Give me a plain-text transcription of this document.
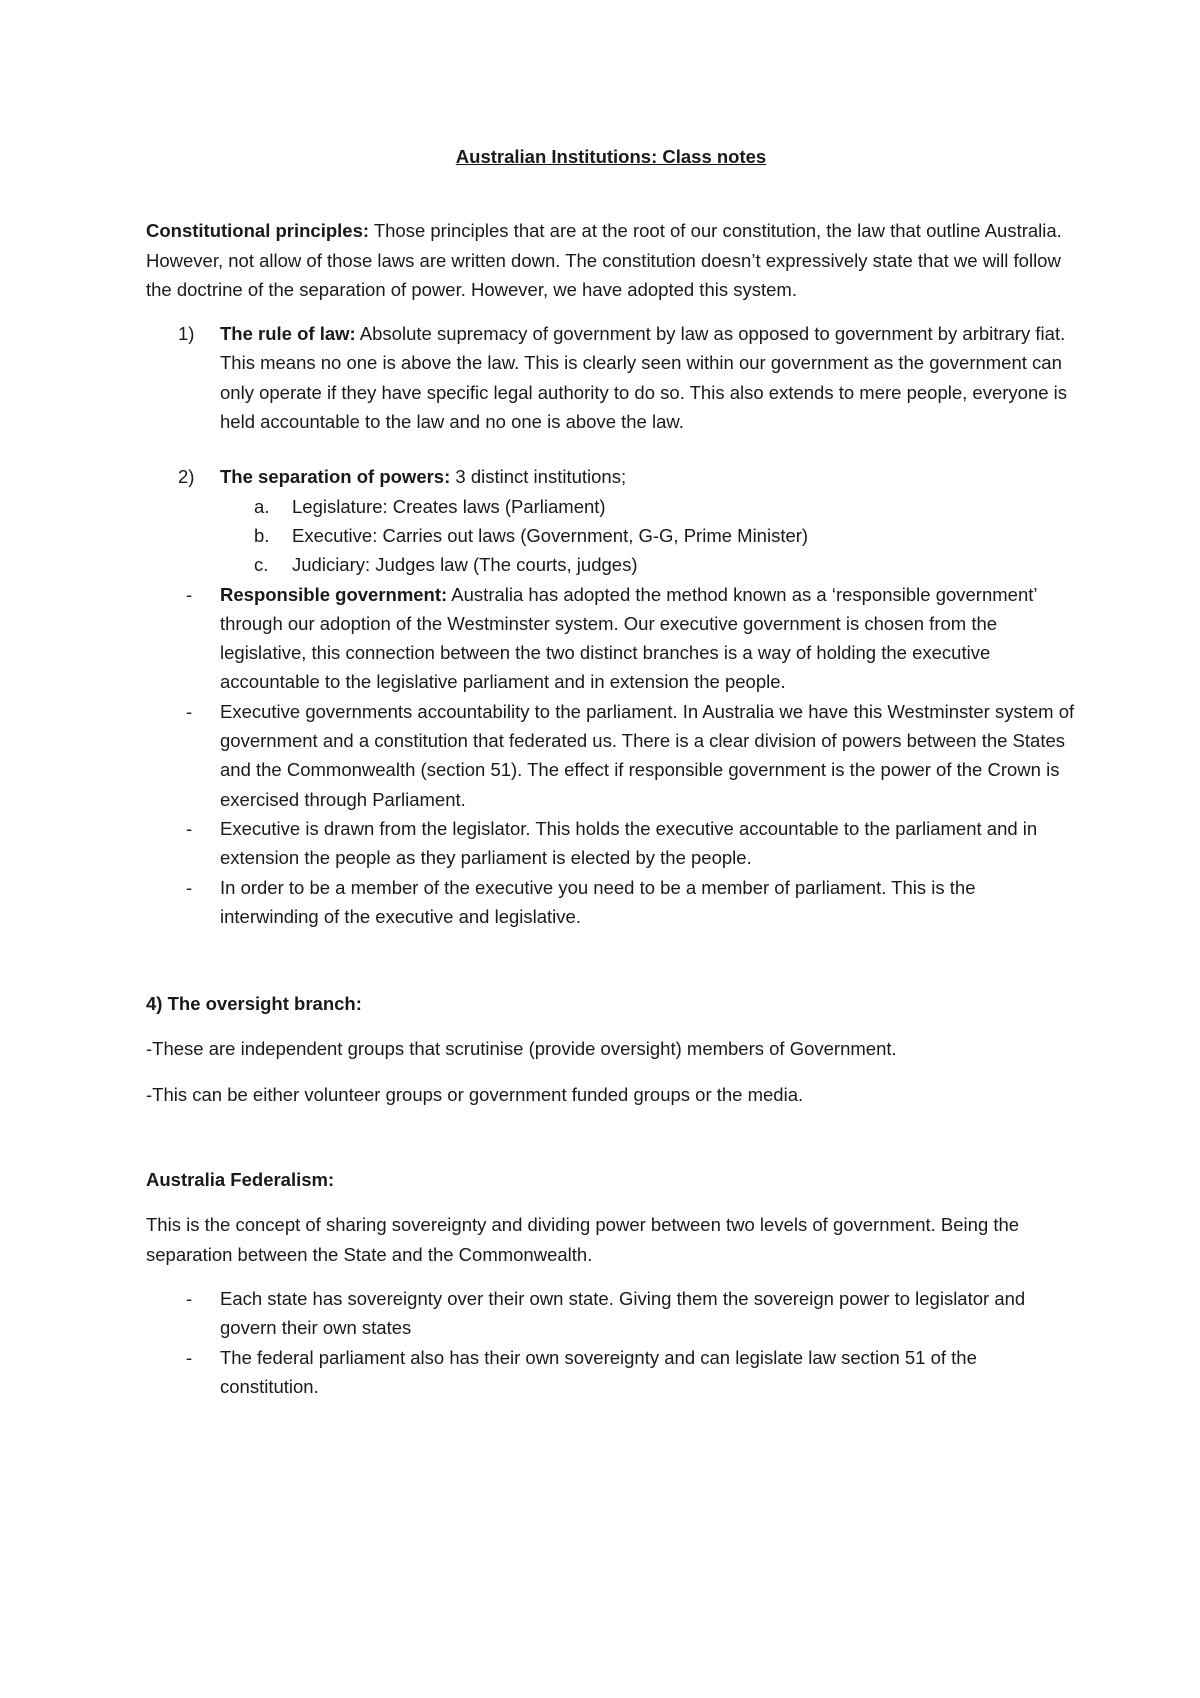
Australian Institutions: Class notes

Constitutional principles: Those principles that are at the root of our constitution, the law that outline Australia. However, not allow of those laws are written down. The constitution doesn’t expressively state that we will follow the doctrine of the separation of power. However, we have adopted this system.

1) The rule of law: Absolute supremacy of government by law as opposed to government by arbitrary fiat. This means no one is above the law. This is clearly seen within our government as the government can only operate if they have specific legal authority to do so. This also extends to mere people, everyone is held accountable to the law and no one is above the law.
2) The separation of powers: 3 distinct institutions;
a. Legislature: Creates laws (Parliament)
b. Executive: Carries out laws (Government, G-G, Prime Minister)
c. Judiciary: Judges law (The courts, judges)
- Responsible government: Australia has adopted the method known as a ‘responsible government’ through our adoption of the Westminster system. Our executive government is chosen from the legislative, this connection between the two distinct branches is a way of holding the executive accountable to the legislative parliament and in extension the people.
- Executive governments accountability to the parliament. In Australia we have this Westminster system of government and a constitution that federated us. There is a clear division of powers between the States and the Commonwealth (section 51). The effect if responsible government is the power of the Crown is exercised through Parliament.
- Executive is drawn from the legislator. This holds the executive accountable to the parliament and in extension the people as they parliament is elected by the people.
- In order to be a member of the executive you need to be a member of parliament. This is the interwinding of the executive and legislative.

4) The oversight branch:

-These are independent groups that scrutinise (provide oversight) members of Government.

-This can be either volunteer groups or government funded groups or the media.

Australia Federalism:

This is the concept of sharing sovereignty and dividing power between two levels of government. Being the separation between the State and the Commonwealth.

- Each state has sovereignty over their own state. Giving them the sovereign power to legislator and govern their own states
- The federal parliament also has their own sovereignty and can legislate law section 51 of the constitution.
